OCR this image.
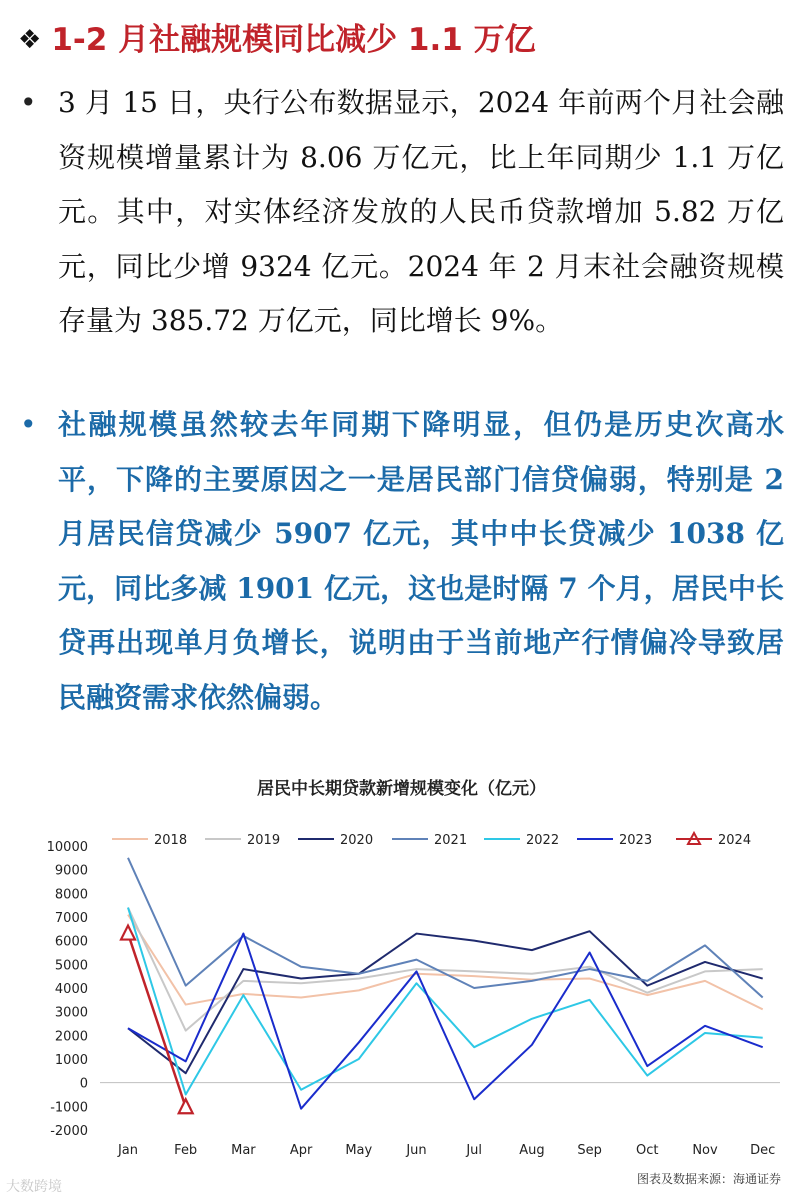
❖ 1-2 月社融规模同比减少 1.1 万亿
• 3 月 15 日，央行公布数据显示，2024 年前两个月社会融资规模增量累计为 8.06 万亿元，比上年同期少 1.1 万亿元。其中，对实体经济发放的人民币贷款增加 5.82 万亿元，同比少增 9324 亿元。2024 年 2 月末社会融资规模存量为 385.72 万亿元，同比增长 9%。
• 社融规模虽然较去年同期下降明显，但仍是历史次高水平，下降的主要原因之一是居民部门信贷偏弱，特别是 2 月居民信贷减少 5907 亿元，其中中长贷减少 1038 亿元，同比多减 1901 亿元，这也是时隔 7 个月，居民中长贷再出现单月负增长，说明由于当前地产行情偏冷导致居民融资需求依然偏弱。
居民中长期贷款新增规模变化（亿元）
2018	2019	2020	2021	2022	2023	2024
-2000
-1000
0
1000
2000
3000
4000
5000
6000
7000
8000
9000
10000
Jan	Feb	Mar	Apr	May	Jun	Jul	Aug	Sep	Oct	Nov Dec
图表及数据来源：海通证券
大数跨境
